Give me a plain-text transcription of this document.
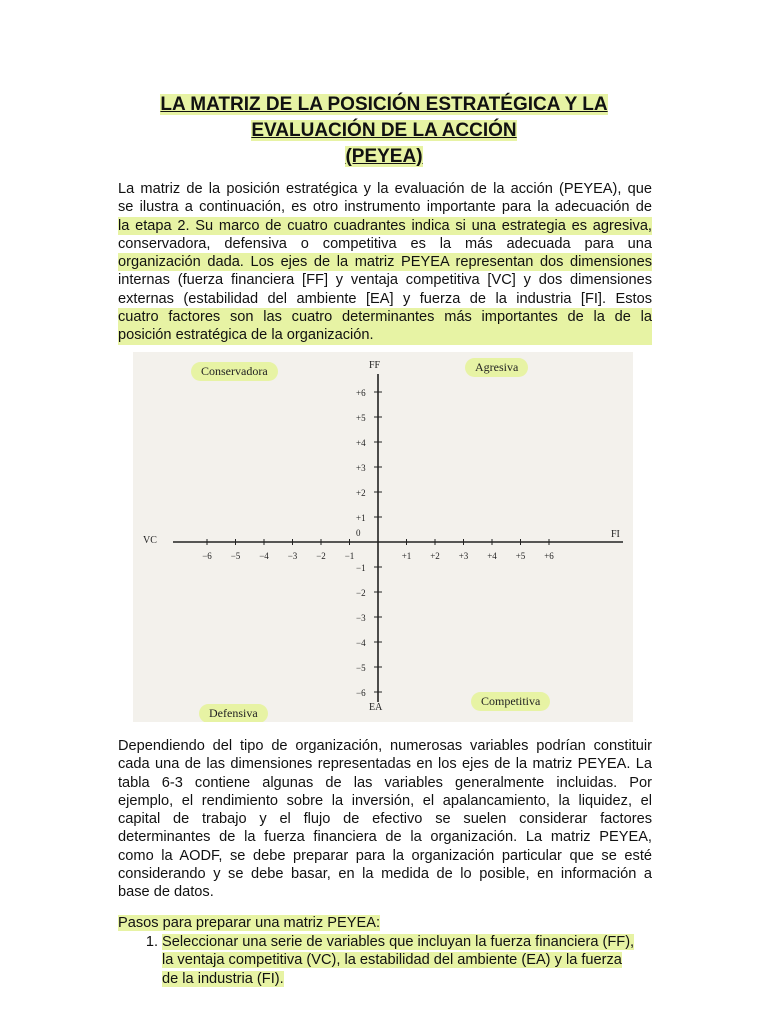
LA MATRIZ DE LA POSICIÓN ESTRATÉGICA Y LA
EVALUACIÓN DE LA ACCIÓN
(PEYEA)
La matriz de la posición estratégica y la evaluación de la acción (PEYEA), que
se ilustra a continuación, es otro instrumento importante para la adecuación de
la etapa 2. Su marco de cuatro cuadrantes indica si una estrategia es agresiva,
conservadora, defensiva o competitiva es la más adecuada para una
organización dada. Los ejes de la matriz PEYEA representan dos dimensiones
internas (fuerza financiera [FF] y ventaja competitiva [VC] y dos dimensiones
externas (estabilidad del ambiente [EA] y fuerza de la industria [FI]. Estos
cuatro factores son las cuatro determinantes más importantes de la de la
posición estratégica de la organización.
−6 −5 −4 −3 −2 −1	+1 +2 +3 +4 +5 +6
+6
+5
+4
+3
+2
+1
0
−1
−2
−3
−4
−5
−6
Conservadora	Agresiva
Defensiva
Competitiva
FF
EA
VC
FI
Dependiendo del tipo de organización, numerosas variables podrían constituir
cada una de las dimensiones representadas en los ejes de la matriz PEYEA. La
tabla 6-3 contiene algunas de las variables generalmente incluidas. Por
ejemplo, el rendimiento sobre la inversión, el apalancamiento, la liquidez, el
capital de trabajo y el flujo de efectivo se suelen considerar factores
determinantes de la fuerza financiera de la organización. La matriz PEYEA,
como la AODF, se debe preparar para la organización particular que se esté
considerando y se debe basar, en la medida de lo posible, en información a
base de datos.
Pasos para preparar una matriz PEYEA:
1. Seleccionar una serie de variables que incluyan la fuerza financiera (FF),
la ventaja competitiva (VC), la estabilidad del ambiente (EA) y la fuerza
de la industria (FI).
